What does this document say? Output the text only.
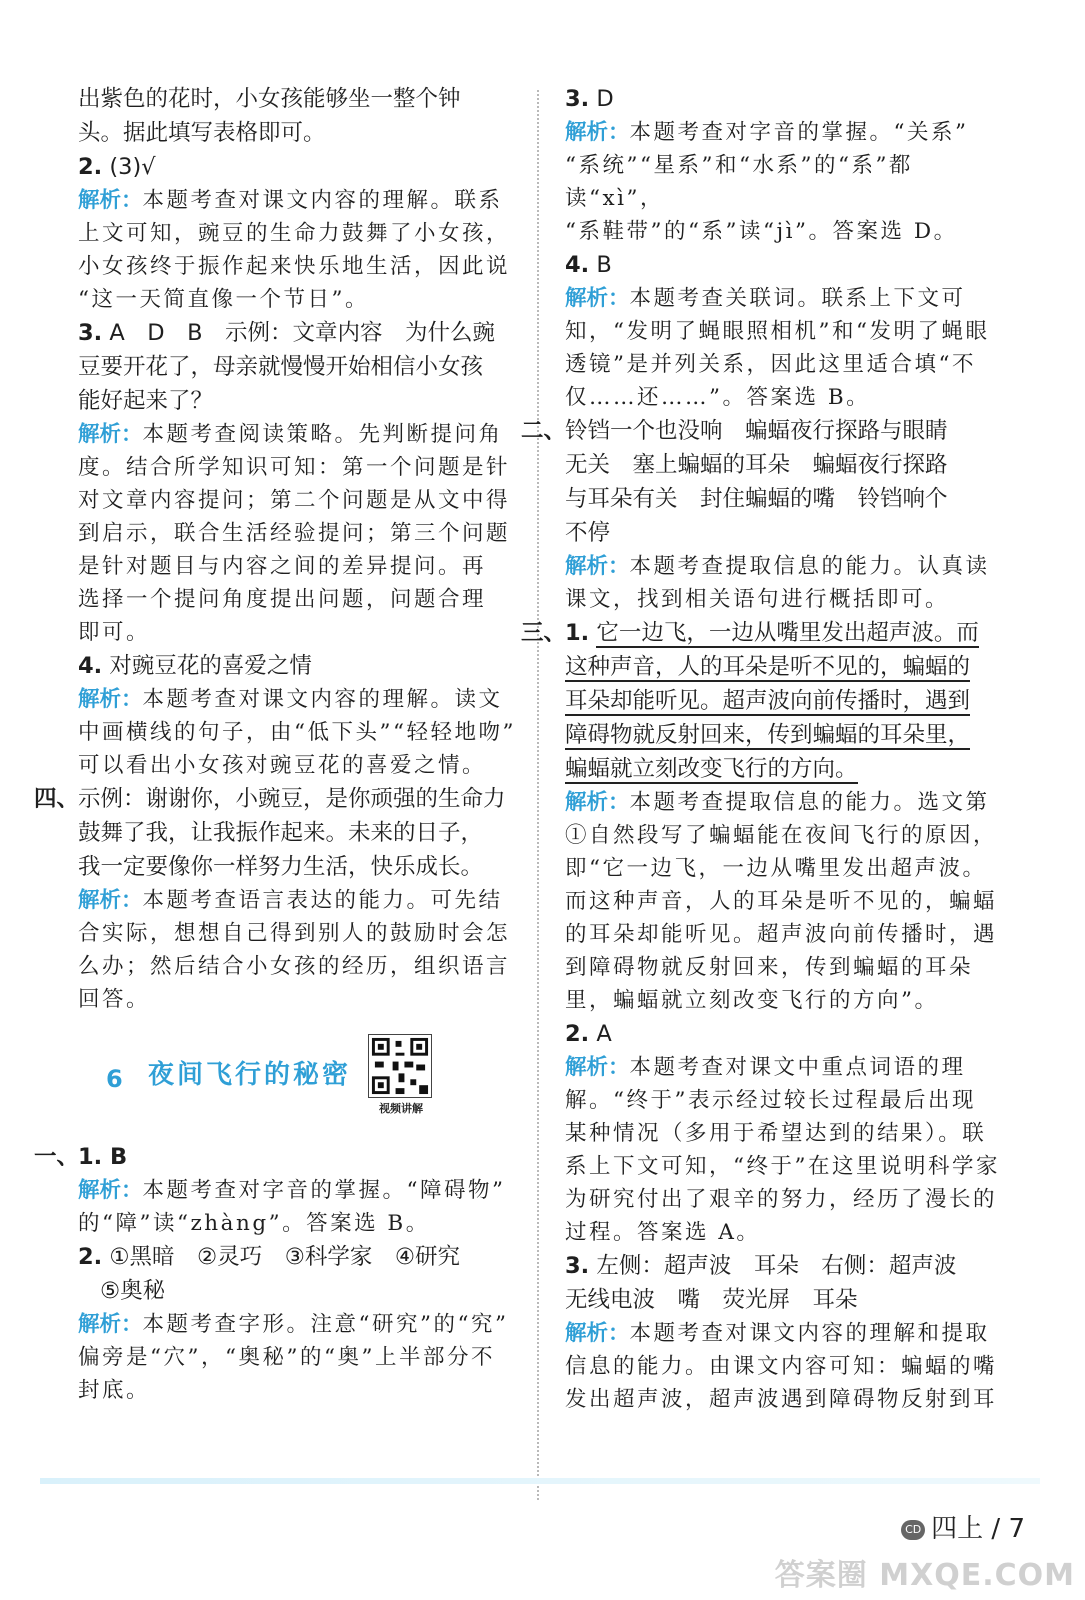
出紫色的花时，小女孩能够坐一整个钟

头。据此填写表格即可。

2. (3)√

解析：本题考查对课文内容的理解。联系
上文可知，豌豆的生命力鼓舞了小女孩，
小女孩终于振作起来快乐地生活，因此说
“这一天简直像一个节日”。

3. A　D　B　示例：文章内容　为什么豌
豆要开花了，母亲就慢慢开始相信小女孩
能好起来了？

解析：本题考查阅读策略。先判断提问角
度。结合所学知识可知：第一个问题是针
对文章内容提问；第二个问题是从文中得
到启示，联合生活经验提问；第三个问题
是针对题目与内容之间的差异提问。再
选择一个提问角度提出问题，问题合理
即可。

4. 对豌豆花的喜爱之情

解析：本题考查对课文内容的理解。读文
中画横线的句子，由“低下头”“轻轻地吻”
可以看出小女孩对豌豆花的喜爱之情。

四、
示例：谢谢你，小豌豆，是你顽强的生命力
鼓舞了我，让我振作起来。未来的日子，
我一定要像你一样努力生活，快乐成长。

解析：本题考查语言表达的能力。可先结
合实际，想想自己得到别人的鼓励时会怎
么办；然后结合小女孩的经历，组织语言
回答。

6 夜间飞行的秘密
视频讲解
一、
1. B

解析：本题考查对字音的掌握。“障碍物”
的“障”读“zhàng”。答案选 B。

2. ①黑暗　②灵巧　③科学家　④研究
⑤奥秘

解析：本题考查字形。注意“研究”的“究”
偏旁是“穴”，“奥秘”的“奥”上半部分不
封底。

3. D

解析：本题考查对字音的掌握。“关系”
“系统”“星系”和“水系”的“系”都读“xì”，
“系鞋带”的“系”读“jì”。答案选 D。

4. B

解析：本题考查关联词。联系上下文可
知，“发明了蝇眼照相机”和“发明了蝇眼
透镜”是并列关系，因此这里适合填“不
仅……还……”。答案选 B。

二、
铃铛一个也没响　蝙蝠夜行探路与眼睛
无关　塞上蝙蝠的耳朵　蝙蝠夜行探路
与耳朵有关　封住蝙蝠的嘴　铃铛响个
不停

解析：本题考查提取信息的能力。认真读
课文，找到相关语句进行概括即可。

三、
1. 它一边飞，一边从嘴里发出超声波。而
这种声音，人的耳朵是听不见的，蝙蝠的
耳朵却能听见。超声波向前传播时，遇到
障碍物就反射回来，传到蝙蝠的耳朵里，
蝙蝠就立刻改变飞行的方向。

解析：本题考查提取信息的能力。选文第
①自然段写了蝙蝠能在夜间飞行的原因，
即“它一边飞，一边从嘴里发出超声波。
而这种声音，人的耳朵是听不见的，蝙蝠
的耳朵却能听见。超声波向前传播时，遇
到障碍物就反射回来，传到蝙蝠的耳朵
里，蝙蝠就立刻改变飞行的方向”。

2. A

解析：本题考查对课文中重点词语的理
解。“终于”表示经过较长过程最后出现
某种情况（多用于希望达到的结果）。联
系上下文可知，“终于”在这里说明科学家
为研究付出了艰辛的努力，经历了漫长的
过程。答案选 A。

3. 左侧：超声波　耳朵　右侧：超声波
无线电波　嘴　荧光屏　耳朵

解析：本题考查对课文内容的理解和提取
信息的能力。由课文内容可知：蝙蝠的嘴
发出超声波，超声波遇到障碍物反射到耳

CD 四上 / 7
答案圈 MXQE.COM
